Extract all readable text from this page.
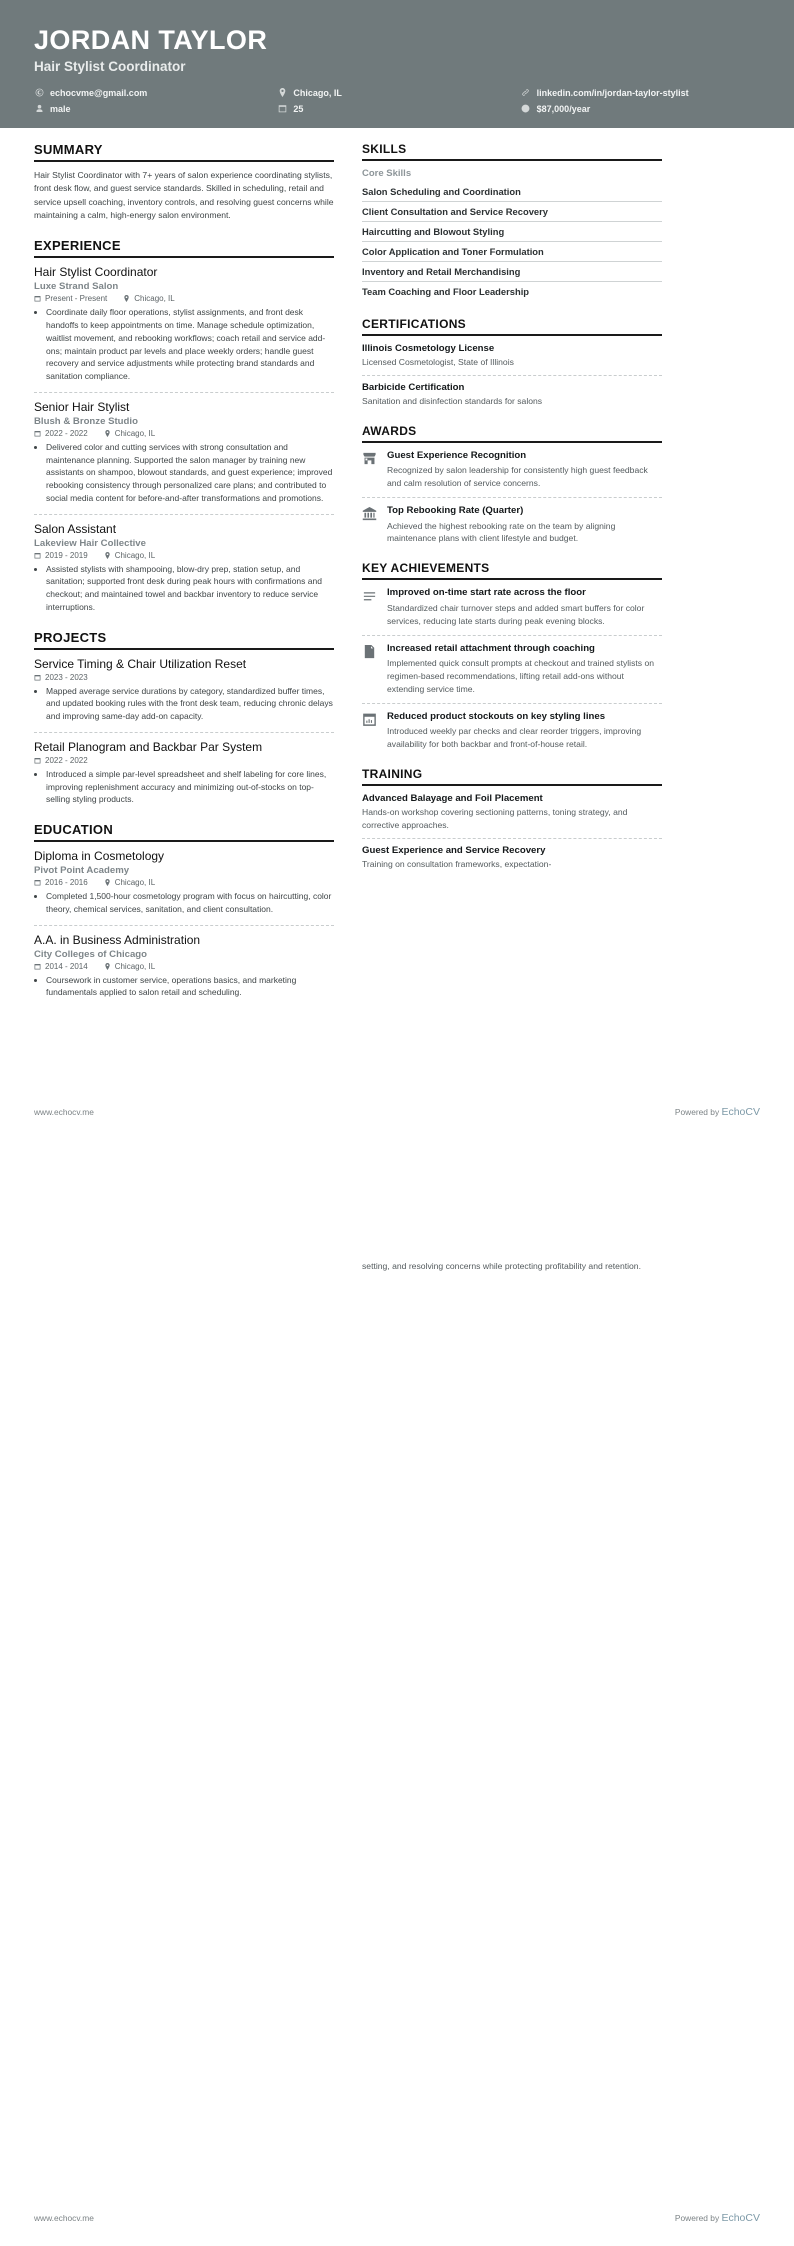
JORDAN TAYLOR
Hair Stylist Coordinator
echocvme@gmail.com	Chicago, IL	linkedin.com/in/jordan-taylor-stylist
male	25	$87,000/year
SUMMARY

Hair Stylist Coordinator with 7+ years of salon experience coordinating stylists, front desk flow, and guest service standards. Skilled in scheduling, retail and service upsell coaching, inventory controls, and resolving guest concerns while maintaining a calm, high-energy salon environment.

EXPERIENCE
Hair Stylist Coordinator
Luxe Strand Salon
Present - Present	Chicago, IL
• Coordinate daily floor operations, stylist assignments, and front desk handoffs to keep appointments on time. Manage schedule optimization, waitlist movement, and rebooking workflows; coach retail and service add-ons; maintain product par levels and place weekly orders; handle guest recovery and service adjustments while protecting brand standards and sanitation compliance.
Senior Hair Stylist
Blush & Bronze Studio
2022 - 2022	Chicago, IL
• Delivered color and cutting services with strong consultation and maintenance planning. Supported the salon manager by training new assistants on shampoo, blowout standards, and guest experience; improved rebooking consistency through personalized care plans; and contributed to social media content for before-and-after transformations and promotions.
Salon Assistant
Lakeview Hair Collective
2019 - 2019	Chicago, IL
• Assisted stylists with shampooing, blow-dry prep, station setup, and sanitation; supported front desk during peak hours with confirmations and checkout; and maintained towel and backbar inventory to reduce service interruptions.
PROJECTS
Service Timing & Chair Utilization Reset
2023 - 2023
• Mapped average service durations by category, standardized buffer times, and updated booking rules with the front desk team, reducing chronic delays and improving same-day add-on capacity.
Retail Planogram and Backbar Par System
2022 - 2022
• Introduced a simple par-level spreadsheet and shelf labeling for core lines, improving replenishment accuracy and minimizing out-of-stocks on top-selling styling products.
EDUCATION
Diploma in Cosmetology
Pivot Point Academy
2016 - 2016	Chicago, IL
• Completed 1,500-hour cosmetology program with focus on haircutting, color theory, chemical services, sanitation, and client consultation.
A.A. in Business Administration
City Colleges of Chicago
2014 - 2014	Chicago, IL
• Coursework in customer service, operations basics, and marketing fundamentals applied to salon retail and scheduling.
SKILLS
Core Skills
Salon Scheduling and Coordination
Client Consultation and Service Recovery
Haircutting and Blowout Styling
Color Application and Toner Formulation
Inventory and Retail Merchandising
Team Coaching and Floor Leadership
CERTIFICATIONS
Illinois Cosmetology License
Licensed Cosmetologist, State of Illinois
Barbicide Certification
Sanitation and disinfection standards for salons
AWARDS
Guest Experience Recognition
Recognized by salon leadership for consistently high guest feedback and calm resolution of service concerns.
Top Rebooking Rate (Quarter)
Achieved the highest rebooking rate on the team by aligning maintenance plans with client lifestyle and budget.
KEY ACHIEVEMENTS
Improved on-time start rate across the floor
Standardized chair turnover steps and added smart buffers for color services, reducing late starts during peak evening blocks.
Increased retail attachment through coaching
Implemented quick consult prompts at checkout and trained stylists on regimen-based recommendations, lifting retail add-ons without extending service time.
Reduced product stockouts on key styling lines
Introduced weekly par checks and clear reorder triggers, improving availability for both backbar and front-of-house retail.
TRAINING
Advanced Balayage and Foil Placement
Hands-on workshop covering sectioning patterns, toning strategy, and corrective approaches.
Guest Experience and Service Recovery
Training on consultation frameworks, expectation-
www.echocv.me	Powered by EchoCV
setting, and resolving concerns while protecting profitability and retention.
www.echocv.me	Powered by EchoCV
